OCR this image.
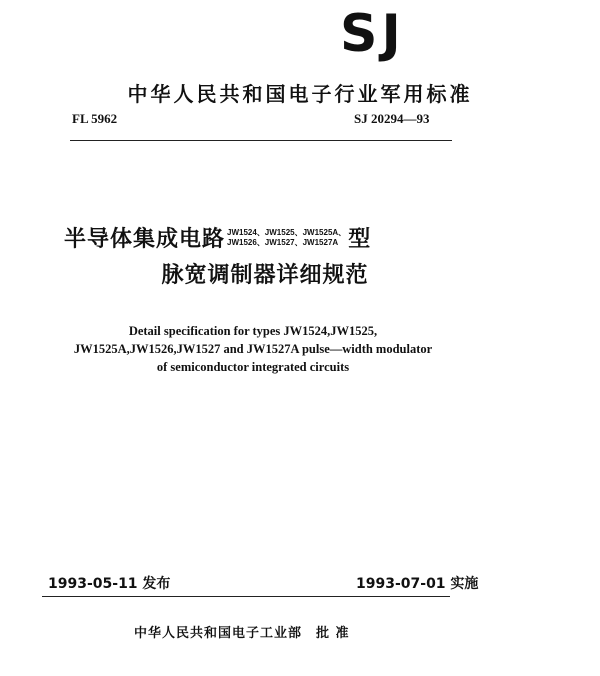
SJ
中华人民共和国电子行业军用标准
FL 5962	SJ 20294—93
半导体集成电路 JW1524、JW1525、JW1525A、
JW1526、JW1527、JW1527A 型
脉宽调制器详细规范
Detail specification for types JW1524,JW1525,
JW1525A,JW1526,JW1527 and JW1527A pulse—width modulator
of semiconductor integrated circuits
1993-05-11 发布	1993-07-01 实施
中华人民共和国电子工业部　批 准
